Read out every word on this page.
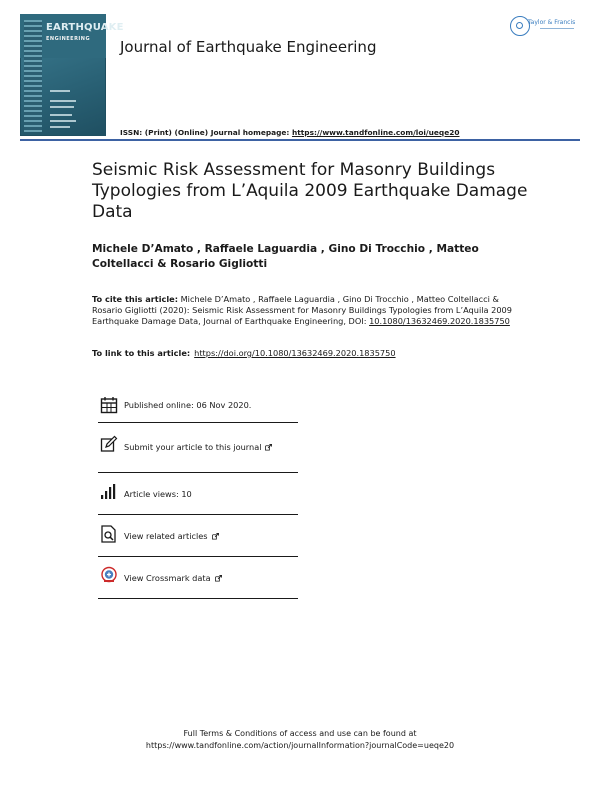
EARTHQUAKE
ENGINEERING Journal of Earthquake Engineering
ISSN: (Print) (Online) Journal homepage: https://www.tandfonline.com/loi/ueqe20
Taylor & Francis
Seismic Risk Assessment for Masonry Buildings Typologies from L’Aquila 2009 Earthquake Damage Data
Michele D’Amato , Raffaele Laguardia , Gino Di Trocchio , Matteo Coltellacci & Rosario Gigliotti
To cite this article: Michele D’Amato , Raffaele Laguardia , Gino Di Trocchio , Matteo Coltellacci & Rosario Gigliotti (2020): Seismic Risk Assessment for Masonry Buildings Typologies from L’Aquila 2009 Earthquake Damage Data, Journal of Earthquake Engineering, DOI: 10.1080/13632469.2020.1835750
To link to this article: https://doi.org/10.1080/13632469.2020.1835750
Published online: 06 Nov 2020.
Submit your article to this journal
Article views: 10
View related articles
View Crossmark data
Full Terms & Conditions of access and use can be found at
https://www.tandfonline.com/action/journalInformation?journalCode=ueqe20
